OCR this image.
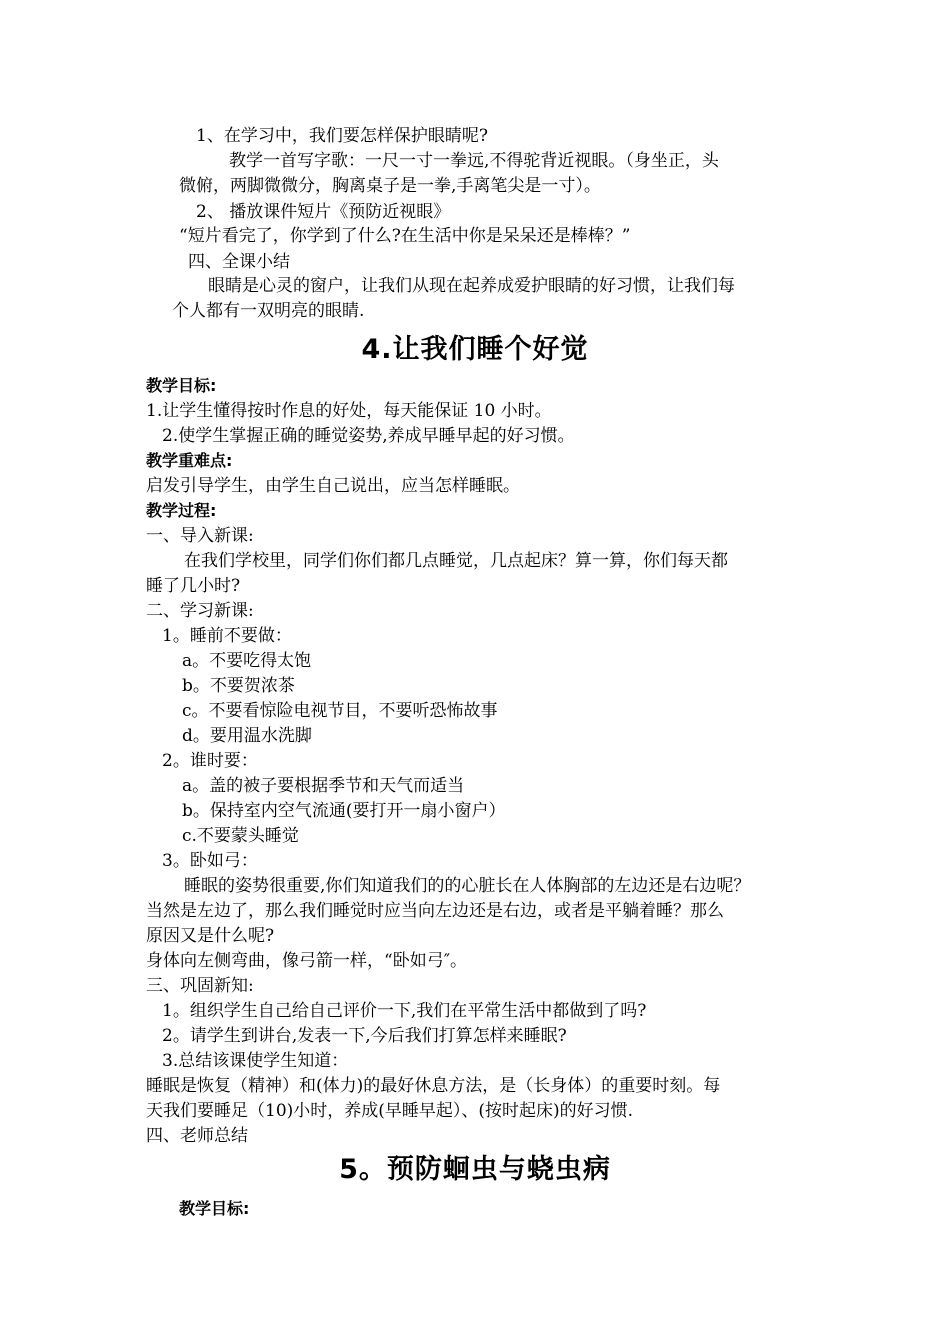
1、在学习中，我们要怎样保护眼睛呢?
教学一首写字歌：一尺一寸一拳远,不得驼背近视眼。（身坐正，头
微俯，两脚微微分，胸离桌子是一拳,手离笔尖是一寸）。
2、 播放课件短片《预防近视眼》
“短片看完了，你学到了什么?在生活中你是呆呆还是棒棒？”
四、全课小结
眼睛是心灵的窗户，让我们从现在起养成爱护眼睛的好习惯，让我们每
个人都有一双明亮的眼睛.
4.让我们睡个好觉
教学目标:
1.让学生懂得按时作息的好处，每天能保证 10 小时。
2.使学生掌握正确的睡觉姿势,养成早睡早起的好习惯。
教学重难点:
启发引导学生，由学生自己说出，应当怎样睡眠。
教学过程:
一、导入新课:
在我们学校里，同学们你们都几点睡觉，几点起床？算一算，你们每天都
睡了几小时?
二、学习新课:
1。睡前不要做：
a。不要吃得太饱
b。不要贺浓茶
c。不要看惊险电视节目，不要听恐怖故事
d。要用温水洗脚
2。谁时要：
a。盖的被子要根据季节和天气而适当
b。保持室内空气流通(要打开一扇小窗户）
c.不要蒙头睡觉
3。卧如弓：
睡眠的姿势很重要,你们知道我们的的心脏长在人体胸部的左边还是右边呢？
当然是左边了，那么我们睡觉时应当向左边还是右边，或者是平躺着睡？那么
原因又是什么呢?
身体向左侧弯曲，像弓箭一样，“卧如弓″。
三、巩固新知:
1。组织学生自己给自己评价一下,我们在平常生活中都做到了吗?
2。请学生到讲台,发表一下,今后我们打算怎样来睡眠?
3.总结该课使学生知道：
睡眠是恢复（精神）和(体力)的最好休息方法，是（长身体）的重要时刻。每
天我们要睡足（10)小时，养成(早睡早起）、(按时起床)的好习惯.
四、老师总结
5。预防蛔虫与蛲虫病
教学目标:
